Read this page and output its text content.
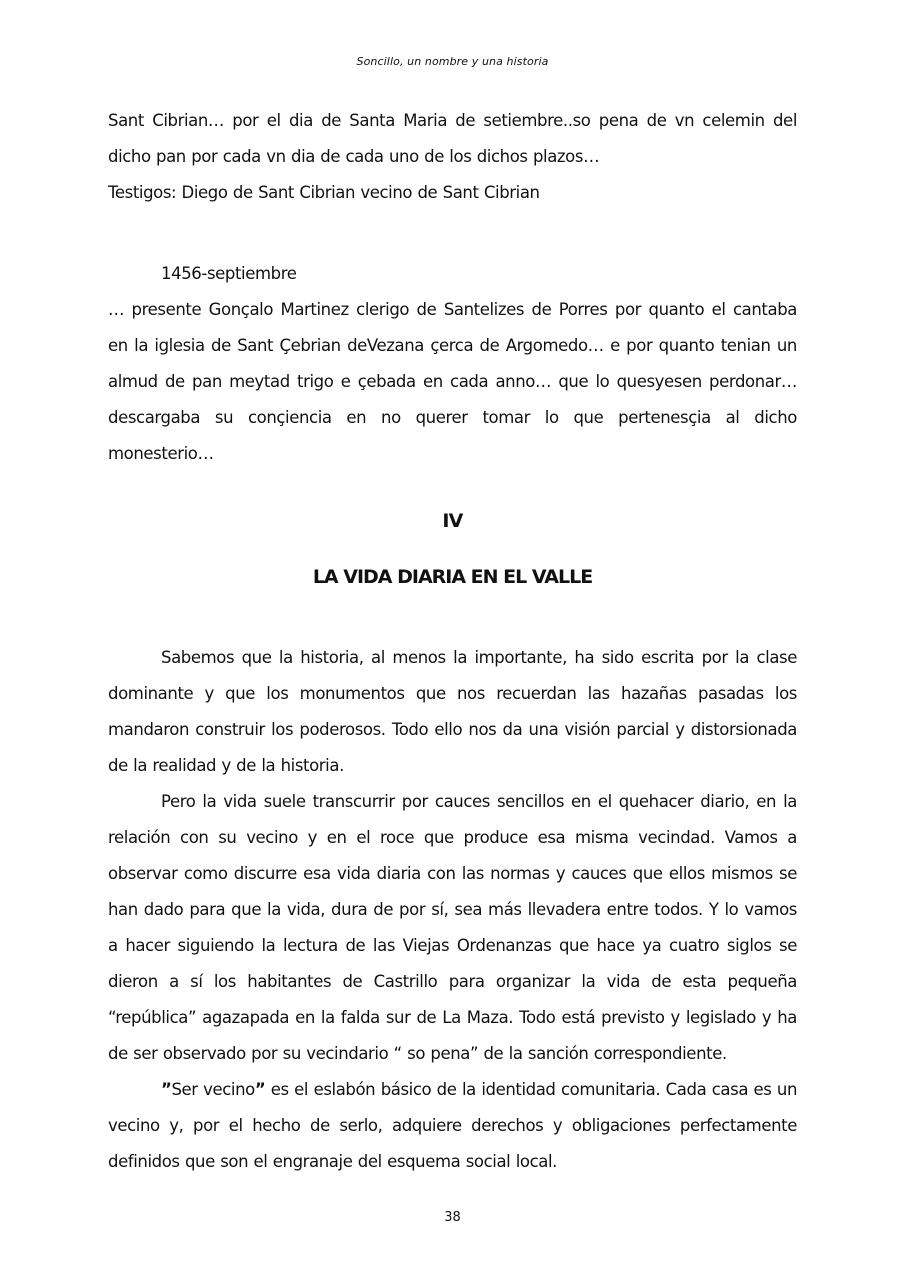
Soncillo, un nombre y una historia

Sant Cibrian… por el dia de Santa Maria de setiembre..so pena de vn celemin del dicho pan por cada vn dia de cada uno de los dichos plazos…

Testigos: Diego de Sant Cibrian vecino de Sant Cibrian

1456-septiembre

… presente Gonçalo Martinez clerigo de Santelizes de Porres por quanto el cantaba en la iglesia de Sant Çebrian deVezana çerca de Argomedo… e por quanto tenian un almud de pan meytad trigo e çebada en cada anno… que lo quesyesen perdonar…descargaba su conçiencia en no querer tomar lo que pertenesçia al dicho monesterio…

IV
LA VIDA DIARIA EN EL VALLE

Sabemos que la historia, al menos la importante, ha sido escrita por la clase dominante y que los monumentos que nos recuerdan las hazañas pasadas los mandaron construir los poderosos. Todo ello nos da una visión parcial y distorsionada de la realidad y de la historia.

Pero la vida suele transcurrir por cauces sencillos en el quehacer diario, en la relación con su vecino y en el roce que produce esa misma vecindad. Vamos a observar como discurre esa vida diaria con las normas y cauces que ellos mismos se han dado para que la vida, dura de por sí, sea más llevadera entre todos. Y lo vamos a hacer siguiendo la lectura de las Viejas Ordenanzas que hace ya cuatro siglos se dieron a sí los habitantes de Castrillo para organizar la vida de esta pequeña “república” agazapada en la falda sur de La Maza. Todo está previsto y legislado y ha de ser observado por su vecindario “ so pena” de la sanción correspondiente.

”Ser vecino” es el eslabón básico de la identidad comunitaria. Cada casa es un vecino y, por el hecho de serlo, adquiere derechos y obligaciones perfectamente definidos que son el engranaje del esquema social local.

38
